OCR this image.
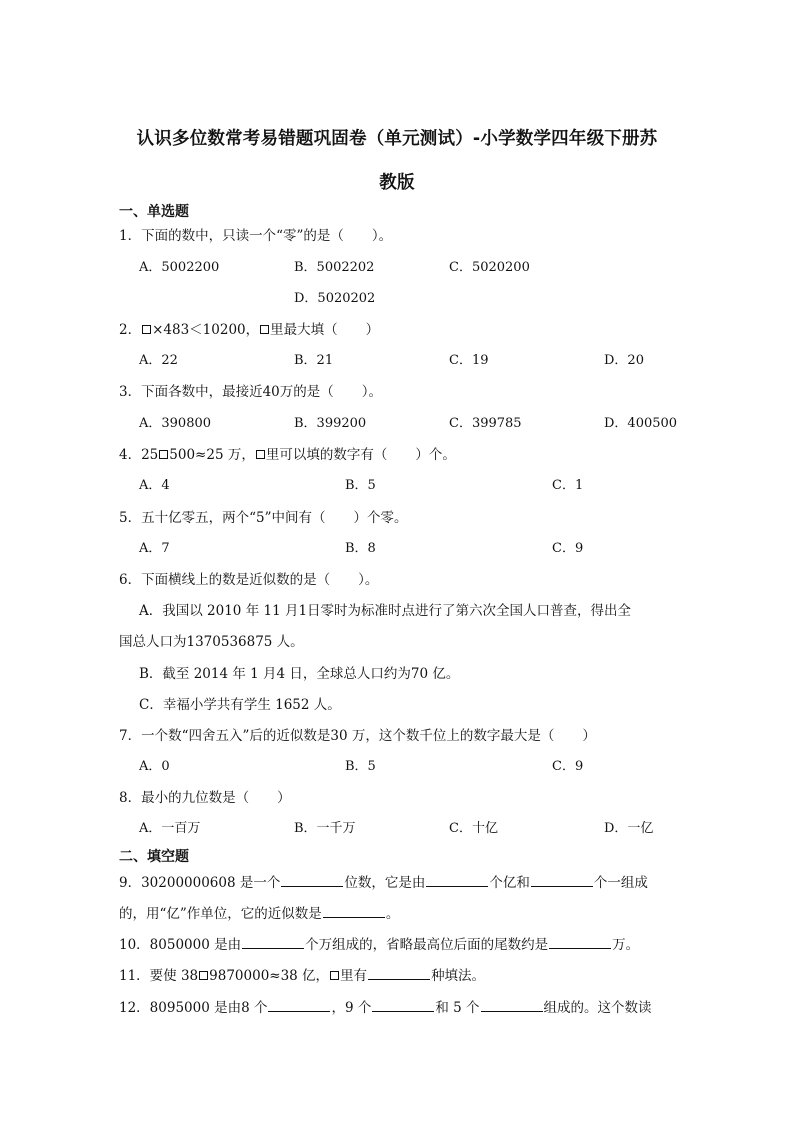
认识多位数常考易错题巩固卷（单元测试）-小学数学四年级下册苏
教版
一、单选题
1．下面的数中，只读一个“零”的是（ ）。
A．5002200	B．5002202	C．5020200
D．5020202
2． ×483＜10200， 里最大填（ ）
A．22	B．21	C．19	D．20
3．下面各数中，最接近40万的是（ ）。
A．390800	B．399200	C．399785	D．400500
4．25 500≈25 万， 里可以填的数字有（ ）个。
A．4	B．5	C．1
5．五十亿零五，两个“5”中间有（ ）个零。
A．7	B．8	C．9
6．下面横线上的数是近似数的是（ ）。
A．我国以 2010 年 11 月1日零时为标准时点进行了第六次全国人口普查，得出全
国总人口为1370536875 人。
B．截至 2014 年 1 月4 日，全球总人口约为70 亿。
C．幸福小学共有学生 1652 人。
7．一个数“四舍五入”后的近似数是30 万，这个数千位上的数字最大是（ ）
A．0	B．5	C．9
8．最小的九位数是（ ）
A．一百万	B．一千万	C．十亿	D．一亿
二、填空题
9．30200000608 是一个	位数，它是由	个亿和	个一组成
的，用“亿”作单位，它的近似数是	。
10．8050000 是由	个万组成的，省略最高位后面的尾数约是	万。
11．要使 38 9870000≈38 亿， 里有	种填法。
12．8095000 是由8 个	，9 个	和 5 个	组成的。这个数读
